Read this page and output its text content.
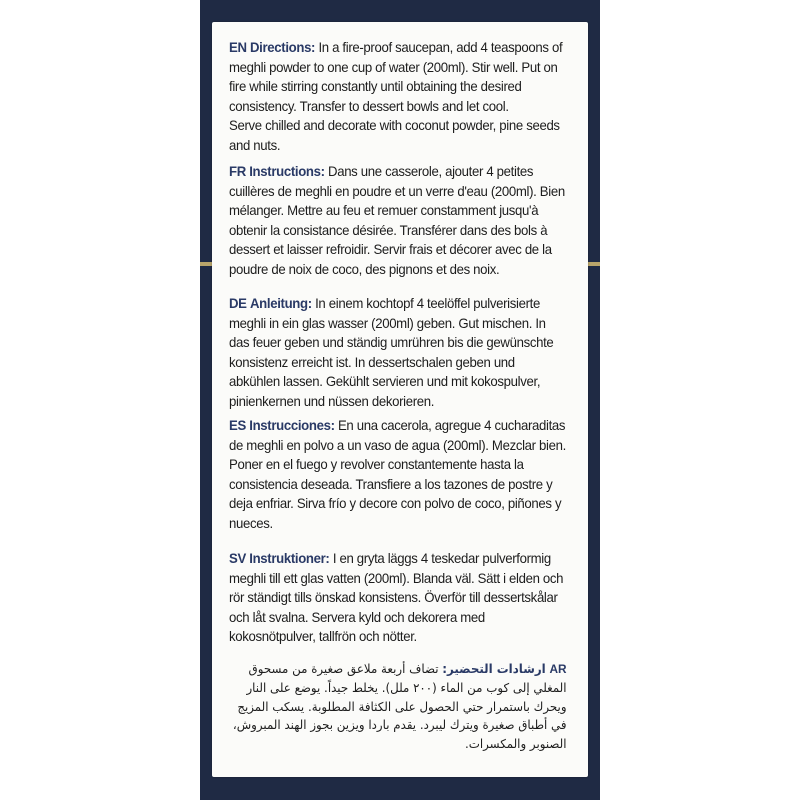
EN Directions: In a fire-proof saucepan, add 4 teaspoons of meghli powder to one cup of water (200ml). Stir well. Put on fire while stirring constantly until obtaining the desired consistency. Transfer to dessert bowls and let cool.

Serve chilled and decorate with coconut powder, pine seeds and nuts.

FR Instructions: Dans une casserole, ajouter 4 petites cuillères de meghli en poudre et un verre d'eau (200ml). Bien mélanger. Mettre au feu et remuer constamment jusqu'à obtenir la consistance désirée. Transférer dans des bols à dessert et laisser refroidir. Servir frais et décorer avec de la poudre de noix de coco, des pignons et des noix.

DE Anleitung: In einem kochtopf 4 teelöffel pulverisierte meghli in ein glas wasser (200ml) geben. Gut mischen. In das feuer geben und ständig umrühren bis die gewünschte konsistenz erreicht ist. In dessertschalen geben und abkühlen lassen. Gekühlt servieren und mit kokospulver, pinienkernen und nüssen dekorieren.

ES Instrucciones: En una cacerola, agregue 4 cucharaditas de meghli en polvo a un vaso de agua (200ml). Mezclar bien. Poner en el fuego y revolver constantemente hasta la consistencia deseada. Transfiere a los tazones de postre y deja enfriar. Sirva frío y decore con polvo de coco, piñones y nueces.

SV Instruktioner: I en gryta läggs 4 teskedar pulverformig meghli till ett glas vatten (200ml). Blanda väl. Sätt i elden och rör ständigt tills önskad konsistens. Överför till dessertskålar och låt svalna. Servera kyld och dekorera med kokosnötpulver, tallfrön och nötter.

AR ارشادات التحضير: تضاف أربعة ملاعق صغيرة من مسحوق المغلي إلى كوب من الماء (٢٠٠ ملل). يخلط جيداً. يوضع على النار ويحرك باستمرار حتي الحصول على الكثافة المطلوبة. يسكب المزيج في أطباق صغيرة ويترك ليبرد. يقدم باردا ويزين بجوز الهند المبروش، الصنوبر والمكسرات.
